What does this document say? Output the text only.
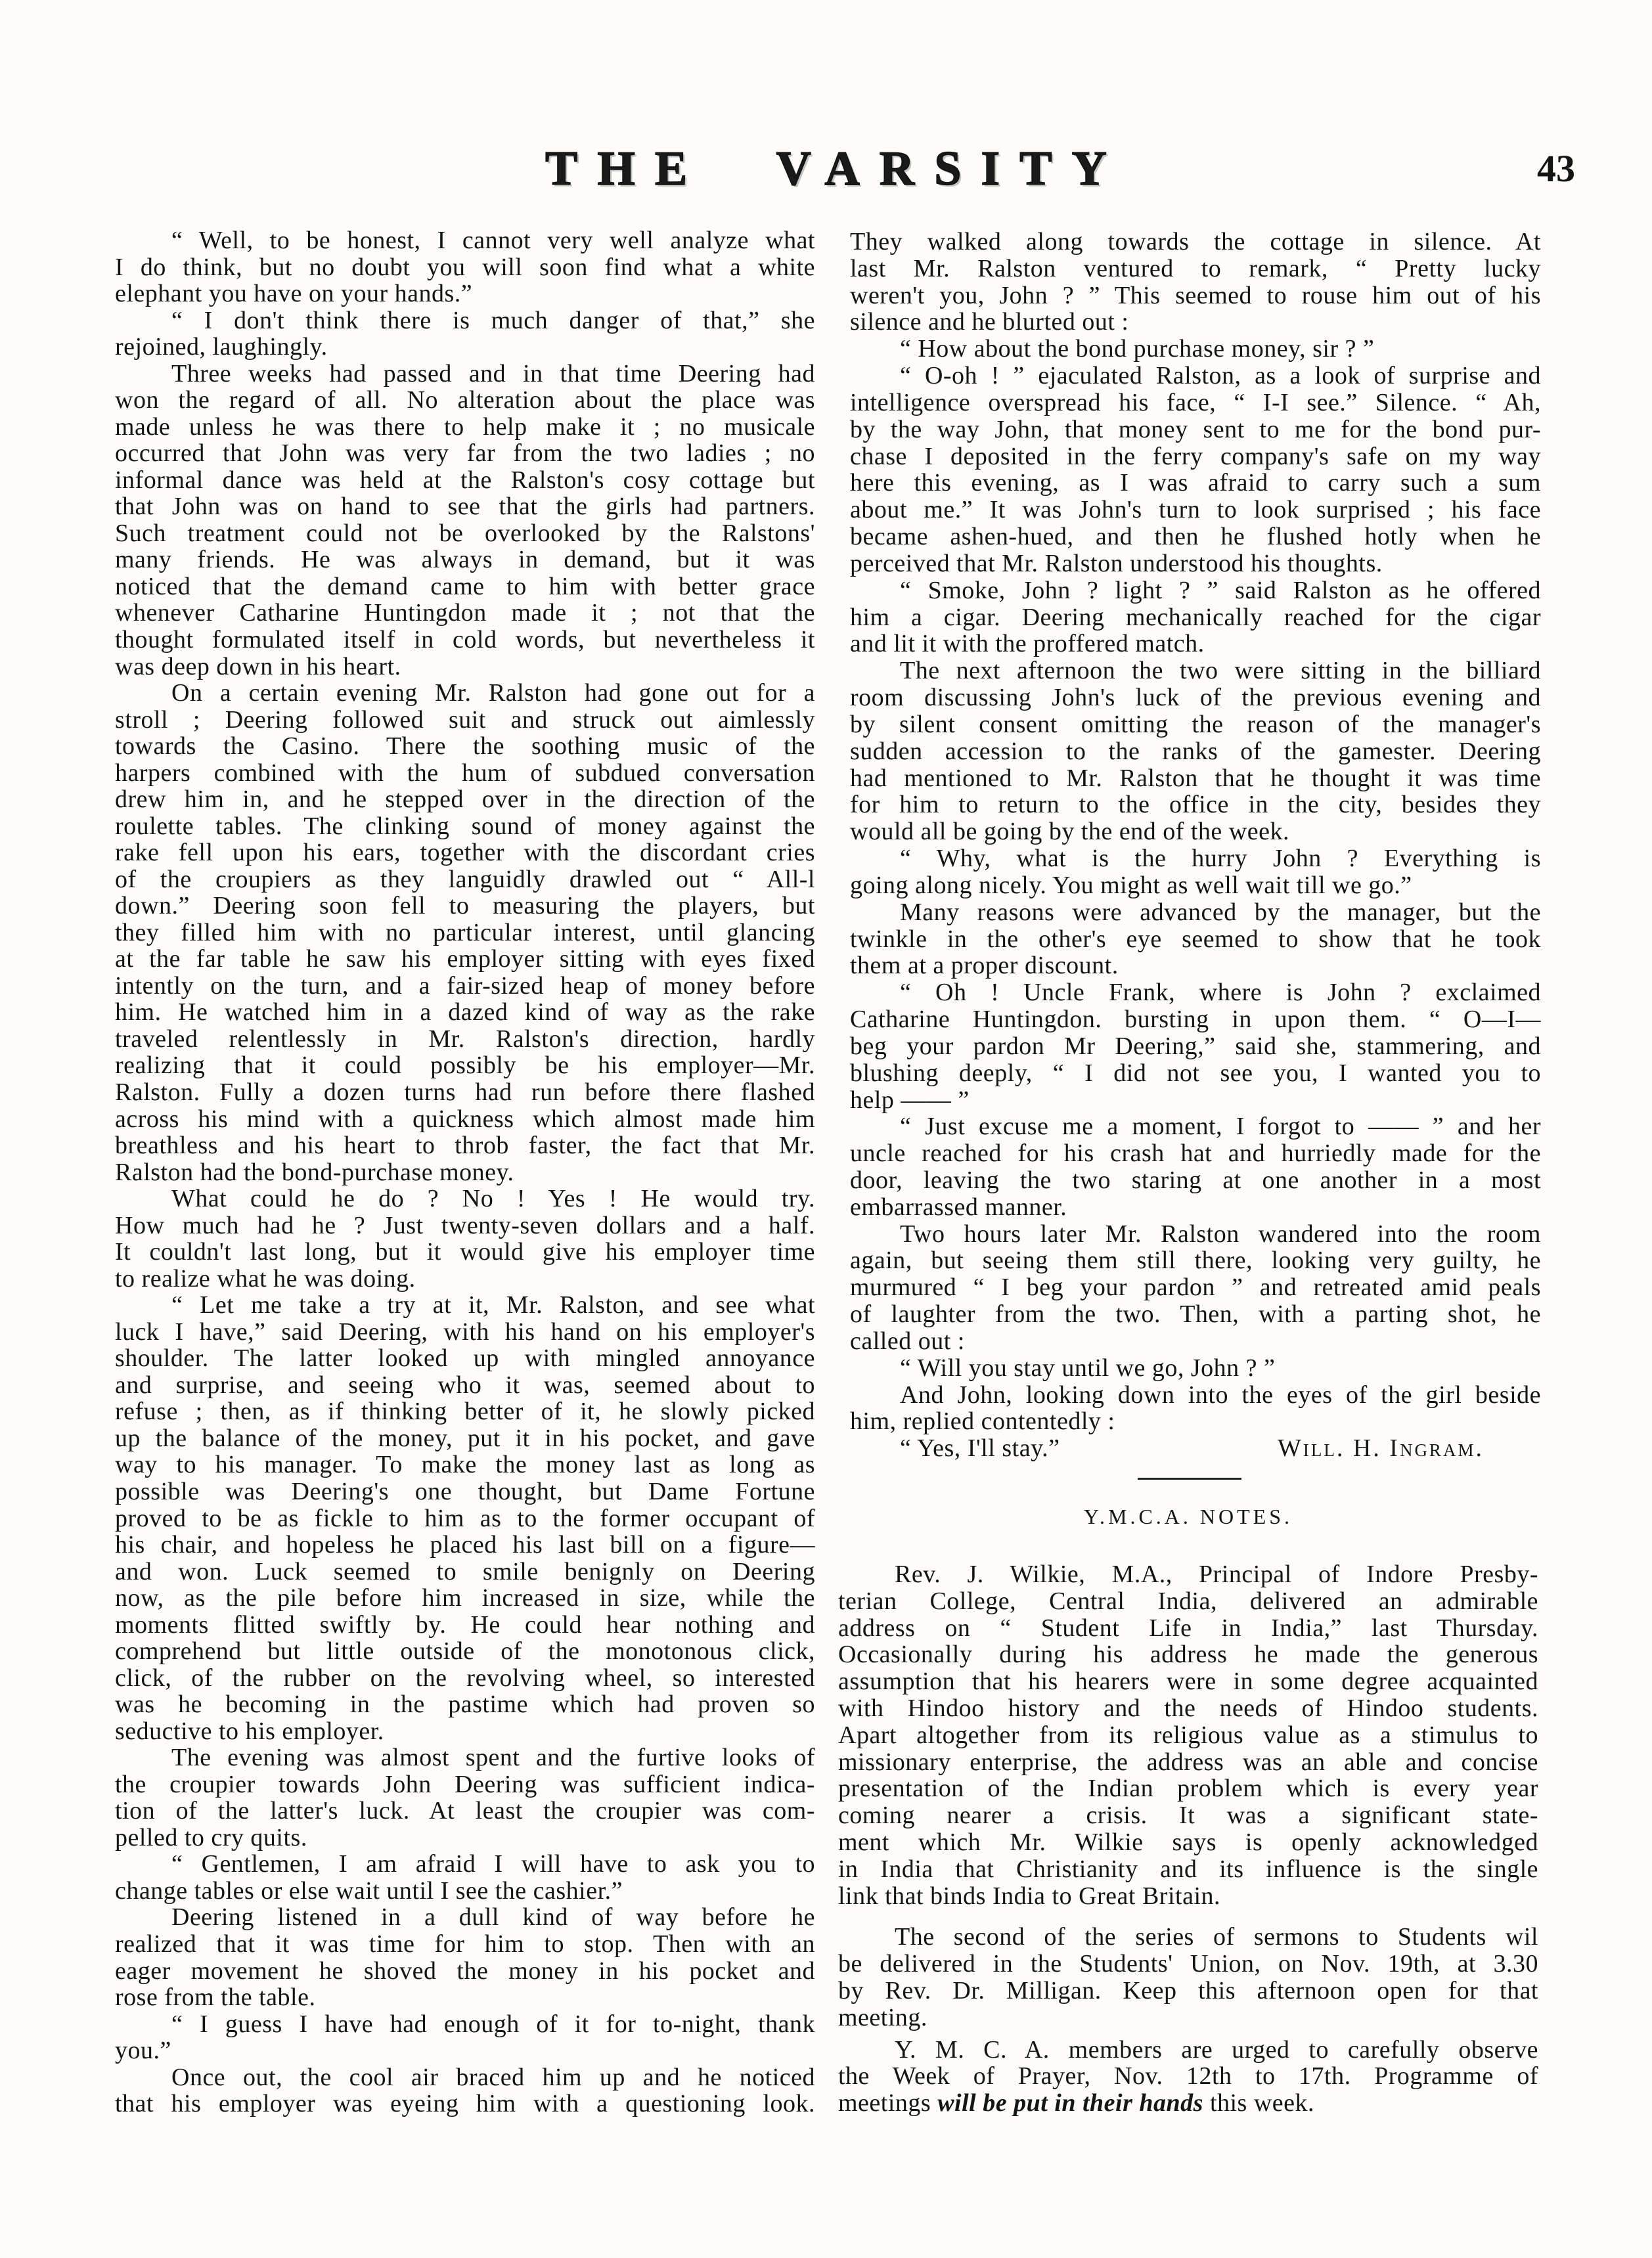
THE VARSITY	43
“ Well, to be honest, I cannot very well analyze what
I do think, but no doubt you will soon find what a white
elephant you have on your hands.”
“ I don't think there is much danger of that,” she
rejoined, laughingly.
Three weeks had passed and in that time Deering had
won the regard of all. No alteration about the place was
made unless he was there to help make it ; no musicale
occurred that John was very far from the two ladies ; no
informal dance was held at the Ralston's cosy cottage but
that John was on hand to see that the girls had partners.
Such treatment could not be overlooked by the Ralstons'
many friends. He was always in demand, but it was
noticed that the demand came to him with better grace
whenever Catharine Huntingdon made it ; not that the
thought formulated itself in cold words, but nevertheless it
was deep down in his heart.
On a certain evening Mr. Ralston had gone out for a
stroll ; Deering followed suit and struck out aimlessly
towards the Casino. There the soothing music of the
harpers combined with the hum of subdued conversation
drew him in, and he stepped over in the direction of the
roulette tables. The clinking sound of money against the
rake fell upon his ears, together with the discordant cries
of the croupiers as they languidly drawled out “ All-l
down.” Deering soon fell to measuring the players, but
they filled him with no particular interest, until glancing
at the far table he saw his employer sitting with eyes fixed
intently on the turn, and a fair-sized heap of money before
him. He watched him in a dazed kind of way as the rake
traveled relentlessly in Mr. Ralston's direction, hardly
realizing that it could possibly be his employer—Mr.
Ralston. Fully a dozen turns had run before there flashed
across his mind with a quickness which almost made him
breathless and his heart to throb faster, the fact that Mr.
Ralston had the bond-purchase money.
What could he do ? No ! Yes ! He would try.
How much had he ? Just twenty-seven dollars and a half.
It couldn't last long, but it would give his employer time
to realize what he was doing.
“ Let me take a try at it, Mr. Ralston, and see what
luck I have,” said Deering, with his hand on his employer's
shoulder. The latter looked up with mingled annoyance
and surprise, and seeing who it was, seemed about to
refuse ; then, as if thinking better of it, he slowly picked
up the balance of the money, put it in his pocket, and gave
way to his manager. To make the money last as long as
possible was Deering's one thought, but Dame Fortune
proved to be as fickle to him as to the former occupant of
his chair, and hopeless he placed his last bill on a figure—
and won. Luck seemed to smile benignly on Deering
now, as the pile before him increased in size, while the
moments flitted swiftly by. He could hear nothing and
comprehend but little outside of the monotonous click,
click, of the rubber on the revolving wheel, so interested
was he becoming in the pastime which had proven so
seductive to his employer.
The evening was almost spent and the furtive looks of
the croupier towards John Deering was sufficient indica-
tion of the latter's luck. At least the croupier was com-
pelled to cry quits.
“ Gentlemen, I am afraid I will have to ask you to
change tables or else wait until I see the cashier.”
Deering listened in a dull kind of way before he
realized that it was time for him to stop. Then with an
eager movement he shoved the money in his pocket and
rose from the table.
“ I guess I have had enough of it for to-night, thank
you.”
Once out, the cool air braced him up and he noticed
that his employer was eyeing him with a questioning look.
They walked along towards the cottage in silence. At
last Mr. Ralston ventured to remark, “ Pretty lucky
weren't you, John ? ” This seemed to rouse him out of his
silence and he blurted out :
“ How about the bond purchase money, sir ? ”
“ O-oh ! ” ejaculated Ralston, as a look of surprise and
intelligence overspread his face, “ I-I see.” Silence. “ Ah,
by the way John, that money sent to me for the bond pur-
chase I deposited in the ferry company's safe on my way
here this evening, as I was afraid to carry such a sum
about me.” It was John's turn to look surprised ; his face
became ashen-hued, and then he flushed hotly when he
perceived that Mr. Ralston understood his thoughts.
“ Smoke, John ? light ? ” said Ralston as he offered
him a cigar. Deering mechanically reached for the cigar
and lit it with the proffered match.
The next afternoon the two were sitting in the billiard
room discussing John's luck of the previous evening and
by silent consent omitting the reason of the manager's
sudden accession to the ranks of the gamester. Deering
had mentioned to Mr. Ralston that he thought it was time
for him to return to the office in the city, besides they
would all be going by the end of the week.
“ Why, what is the hurry John ? Everything is
going along nicely. You might as well wait till we go.”
Many reasons were advanced by the manager, but the
twinkle in the other's eye seemed to show that he took
them at a proper discount.
“ Oh ! Uncle Frank, where is John ? exclaimed
Catharine Huntingdon. bursting in upon them. “ O—I—
beg your pardon Mr Deering,” said she, stammering, and
blushing deeply, “ I did not see you, I wanted you to
help —— ”
“ Just excuse me a moment, I forgot to —— ” and her
uncle reached for his crash hat and hurriedly made for the
door, leaving the two staring at one another in a most
embarrassed manner.
Two hours later Mr. Ralston wandered into the room
again, but seeing them still there, looking very guilty, he
murmured “ I beg your pardon ” and retreated amid peals
of laughter from the two. Then, with a parting shot, he
called out :
“ Will you stay until we go, John ? ”
And John, looking down into the eyes of the girl beside
him, replied contentedly :
“ Yes, I'll stay.”	Will. H. Ingram.
Y.M.C.A. NOTES.
Rev. J. Wilkie, M.A., Principal of Indore Presby-
terian College, Central India, delivered an admirable
address on “ Student Life in India,” last Thursday.
Occasionally during his address he made the generous
assumption that his hearers were in some degree acquainted
with Hindoo history and the needs of Hindoo students.
Apart altogether from its religious value as a stimulus to
missionary enterprise, the address was an able and concise
presentation of the Indian problem which is every year
coming nearer a crisis. It was a significant state-
ment which Mr. Wilkie says is openly acknowledged
in India that Christianity and its influence is the single
link that binds India to Great Britain.
The second of the series of sermons to Students wil
be delivered in the Students' Union, on Nov. 19th, at 3.30
by Rev. Dr. Milligan. Keep this afternoon open for that
meeting.
Y. M. C. A. members are urged to carefully observe
the Week of Prayer, Nov. 12th to 17th. Programme of
meetings will be put in their hands this week.
